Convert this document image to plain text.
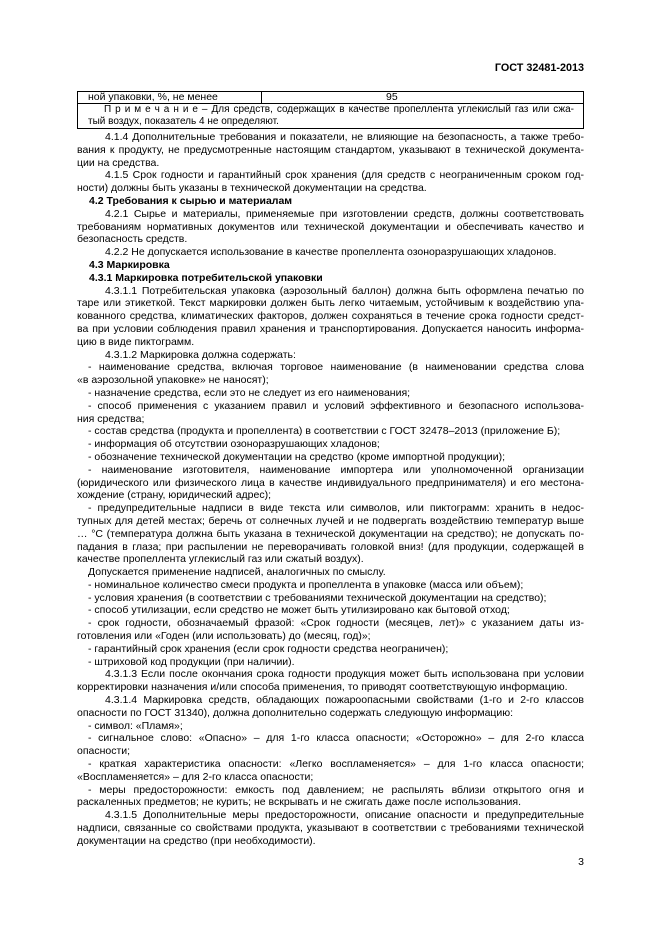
ГОСТ 32481-2013
ной упаковки, %, не менее	95
П р и м е ч а н и е – Для средств, содержащих в качестве пропеллента углекислый газ или сжа-
тый воздух, показатель 4 не определяют.
4.1.4 Дополнительные требования и показатели, не влияющие на безопасность, а также требо-
вания к продукту, не предусмотренные настоящим стандартом, указывают в технической документа-
ции на средства.
4.1.5 Срок годности и гарантийный срок хранения (для средств с неограниченным сроком год-
ности) должны быть указаны в технической документации на средства.
4.2 Требования к сырью и материалам
4.2.1 Сырье и материалы, применяемые при изготовлении средств, должны соответствовать
требованиям нормативных документов или технической документации и обеспечивать качество и
безопасность средств.
4.2.2 Не допускается использование в качестве пропеллента озоноразрушающих хладонов.
4.3 Маркировка
4.3.1 Маркировка потребительской упаковки
4.3.1.1 Потребительская упаковка (аэрозольный баллон) должна быть оформлена печатью по
таре или этикеткой. Текст маркировки должен быть легко читаемым, устойчивым к воздействию упа-
кованного средства, климатических факторов, должен сохраняться в течение срока годности средст-
ва при условии соблюдения правил хранения и транспортирования. Допускается наносить информа-
цию в виде пиктограмм.
4.3.1.2 Маркировка должна содержать:
- наименование средства, включая торговое наименование (в наименовании средства слова
«в аэрозольной упаковке» не наносят);
- назначение средства, если это не следует из его наименования;
- способ применения с указанием правил и условий эффективного и безопасного использова-
ния средства;
- состав средства (продукта и пропеллента) в соответствии с ГОСТ 32478–2013 (приложение Б);
- информация об отсутствии озоноразрушающих хладонов;
- обозначение технической документации на средство (кроме импортной продукции);
- наименование изготовителя, наименование импортера или уполномоченной организации
(юридического или физического лица в качестве индивидуального предпринимателя) и его местона-
хождение (страну, юридический адрес);
- предупредительные надписи в виде текста или символов, или пиктограмм: хранить в недос-
тупных для детей местах; беречь от солнечных лучей и не подвергать воздействию температур выше
… °С (температура должна быть указана в технической документации на средство); не допускать по-
падания в глаза; при распылении не переворачивать головкой вниз! (для продукции, содержащей в
качестве пропеллента углекислый газ или сжатый воздух).
Допускается применение надписей, аналогичных по смыслу.
- номинальное количество смеси продукта и пропеллента в упаковке (масса или объем);
- условия хранения (в соответствии с требованиями технической документации на средство);
- способ утилизации, если средство не может быть утилизировано как бытовой отход;
- срок годности, обозначаемый фразой: «Срок годности (месяцев, лет)» с указанием даты из-
готовления или «Годен (или использовать) до (месяц, год)»;
- гарантийный срок хранения (если срок годности средства неограничен);
- штриховой код продукции (при наличии).
4.3.1.3 Если после окончания срока годности продукция может быть использована при условии
корректировки назначения и/или способа применения, то приводят соответствующую информацию.
4.3.1.4 Маркировка средств, обладающих пожароопасными свойствами (1-го и 2-го классов
опасности по ГОСТ 31340), должна дополнительно содержать следующую информацию:
- символ: «Пламя»;
- сигнальное слово: «Опасно» – для 1-го класса опасности; «Осторожно» – для 2-го класса
опасности;
- краткая характеристика опасности: «Легко воспламеняется» – для 1-го класса опасности;
«Воспламеняется» – для 2-го класса опасности;
- меры предосторожности: емкость под давлением; не распылять вблизи открытого огня и
раскаленных предметов; не курить; не вскрывать и не сжигать даже после использования.
4.3.1.5 Дополнительные меры предосторожности, описание опасности и предупредительные
надписи, связанные со свойствами продукта, указывают в соответствии с требованиями технической
документации на средство (при необходимости).
3
